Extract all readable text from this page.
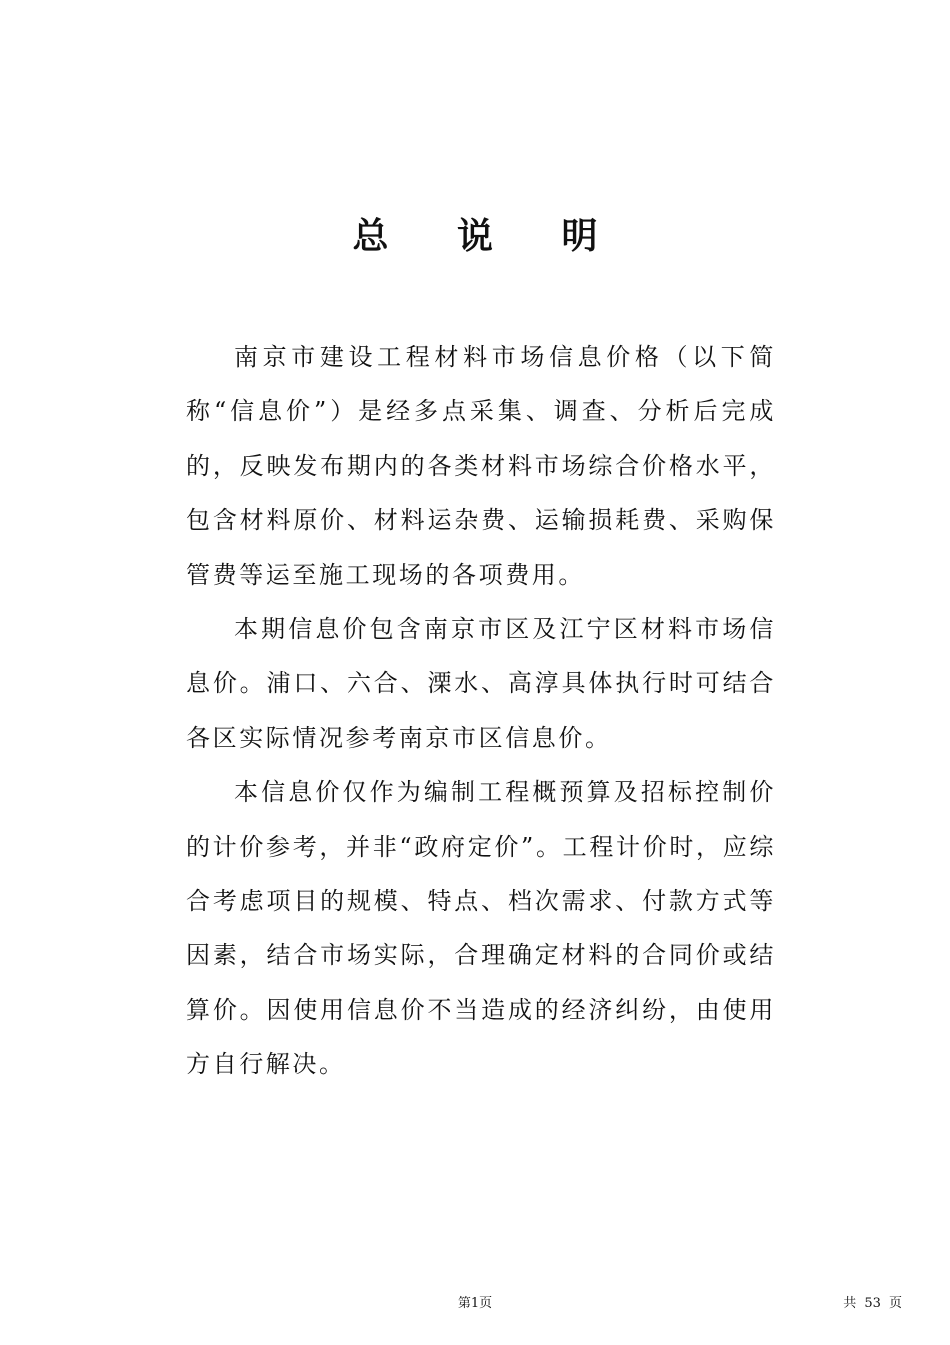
总 说 明

南京市建设工程材料市场信息价格（以下简称“信息价”）是经多点采集、调查、分析后完成的，反映发布期内的各类材料市场综合价格水平，包含材料原价、材料运杂费、运输损耗费、采购保管费等运至施工现场的各项费用。

本期信息价包含南京市区及江宁区材料市场信息价。浦口、六合、溧水、高淳具体执行时可结合各区实际情况参考南京市区信息价。

本信息价仅作为编制工程概预算及招标控制价的计价参考，并非“政府定价”。工程计价时，应综合考虑项目的规模、特点、档次需求、付款方式等因素，结合市场实际，合理确定材料的合同价或结算价。因使用信息价不当造成的经济纠纷，由使用方自行解决。

第1页	共 53 页
